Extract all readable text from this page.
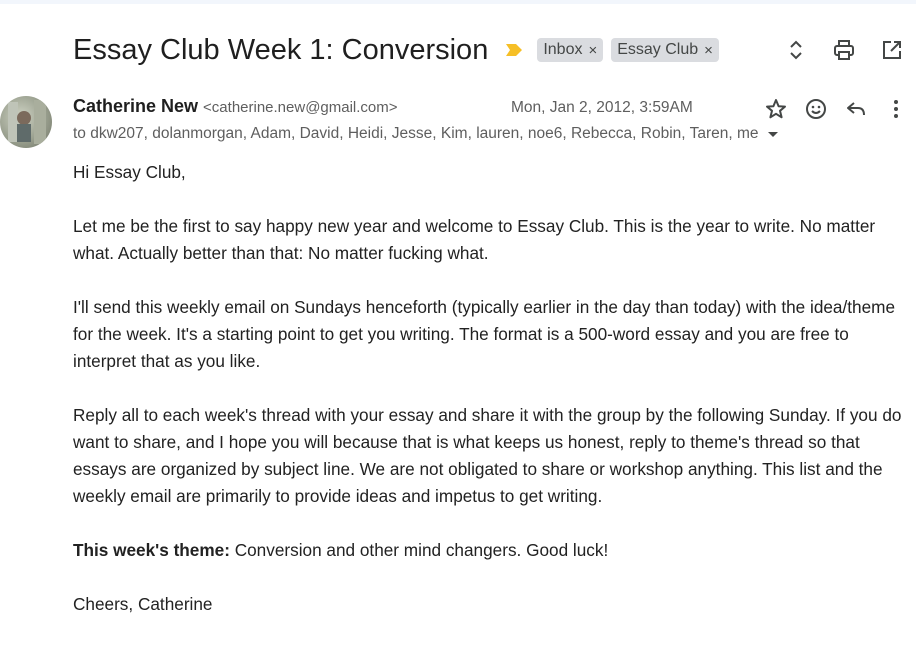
Essay Club Week 1: Conversion	Inbox × Essay Club ×
Catherine New <catherine.new@gmail.com>	Mon, Jan 2, 2012, 3:59AM
to dkw207, dolanmorgan, Adam, David, Heidi, Jesse, Kim, lauren, noe6, Rebecca, Robin, Taren, me

Hi Essay Club,

Let me be the first to say happy new year and welcome to Essay Club. This is the year to write. No matter what. Actually better than that: No matter fucking what.

I'll send this weekly email on Sundays henceforth (typically earlier in the day than today) with the idea/theme for the week. It's a starting point to get you writing. The format is a 500-word essay and you are free to interpret that as you like.

Reply all to each week's thread with your essay and share it with the group by the following Sunday. If you do want to share, and I hope you will because that is what keeps us honest, reply to theme's thread so that essays are organized by subject line. We are not obligated to share or workshop anything. This list and the weekly email are primarily to provide ideas and impetus to get writing.

This week's theme: Conversion and other mind changers. Good luck!

Cheers, Catherine
